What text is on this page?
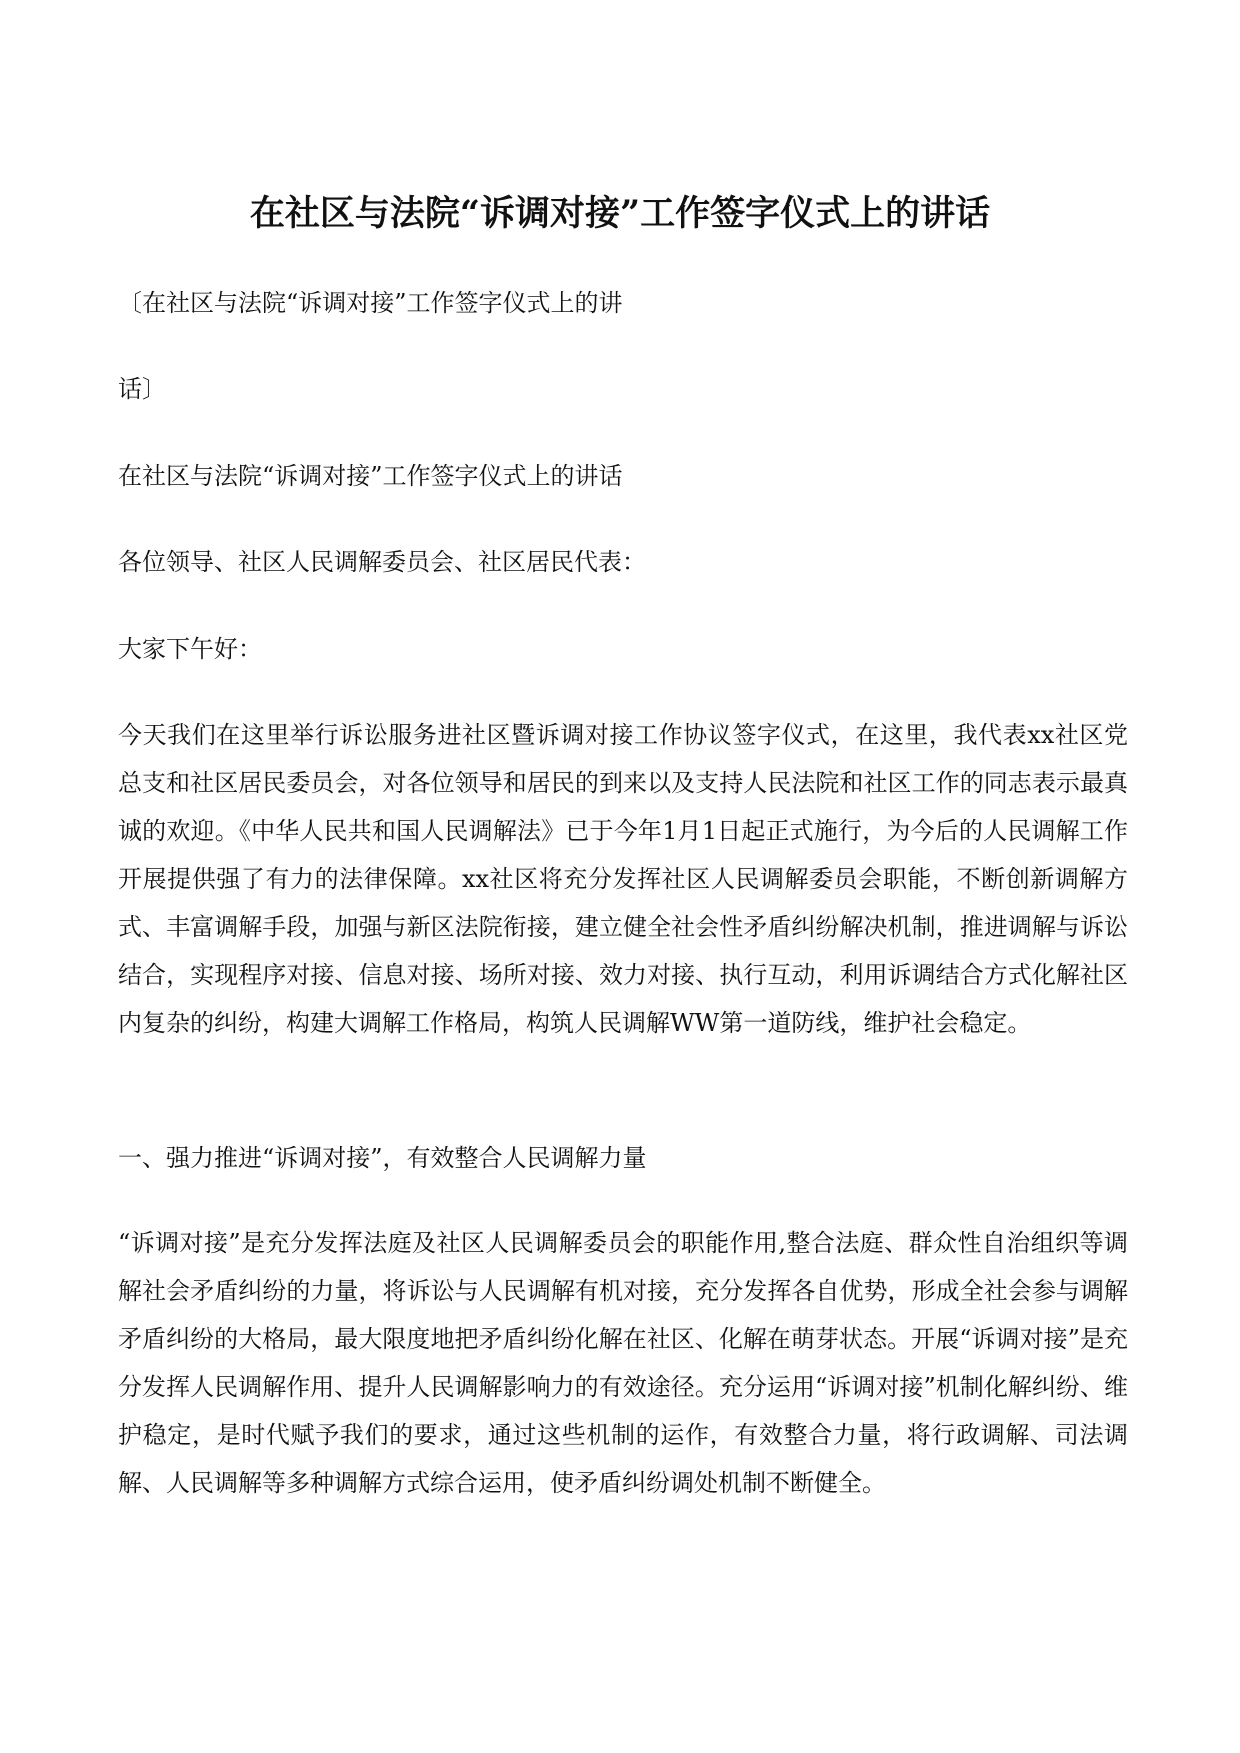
在社区与法院“诉调对接”工作签字仪式上的讲话

〔在社区与法院“诉调对接”工作签字仪式上的讲

话〕

在社区与法院“诉调对接”工作签字仪式上的讲话

各位领导、社区人民调解委员会、社区居民代表：

大家下午好：

今天我们在这里举行诉讼服务进社区暨诉调对接工作协议签字仪式，在这里，我代表xx社区党总支和社区居民委员会，对各位领导和居民的到来以及支持人民法院和社区工作的同志表示最真诚的欢迎。《中华人民共和国人民调解法》已于今年1月1日起正式施行，为今后的人民调解工作开展提供强了有力的法律保障。xx社区将充分发挥社区人民调解委员会职能，不断创新调解方式、丰富调解手段，加强与新区法院衔接，建立健全社会性矛盾纠纷解决机制，推进调解与诉讼结合，实现程序对接、信息对接、场所对接、效力对接、执行互动，利用诉调结合方式化解社区内复杂的纠纷，构建大调解工作格局，构筑人民调解WW第一道防线，维护社会稳定。

一、强力推进“诉调对接”，有效整合人民调解力量

“诉调对接”是充分发挥法庭及社区人民调解委员会的职能作用,整合法庭、群众性自治组织等调解社会矛盾纠纷的力量，将诉讼与人民调解有机对接，充分发挥各自优势，形成全社会参与调解矛盾纠纷的大格局，最大限度地把矛盾纠纷化解在社区、化解在萌芽状态。开展“诉调对接”是充分发挥人民调解作用、提升人民调解影响力的有效途径。充分运用“诉调对接”机制化解纠纷、维护稳定，是时代赋予我们的要求，通过这些机制的运作，有效整合力量，将行政调解、司法调解、人民调解等多种调解方式综合运用，使矛盾纠纷调处机制不断健全。
